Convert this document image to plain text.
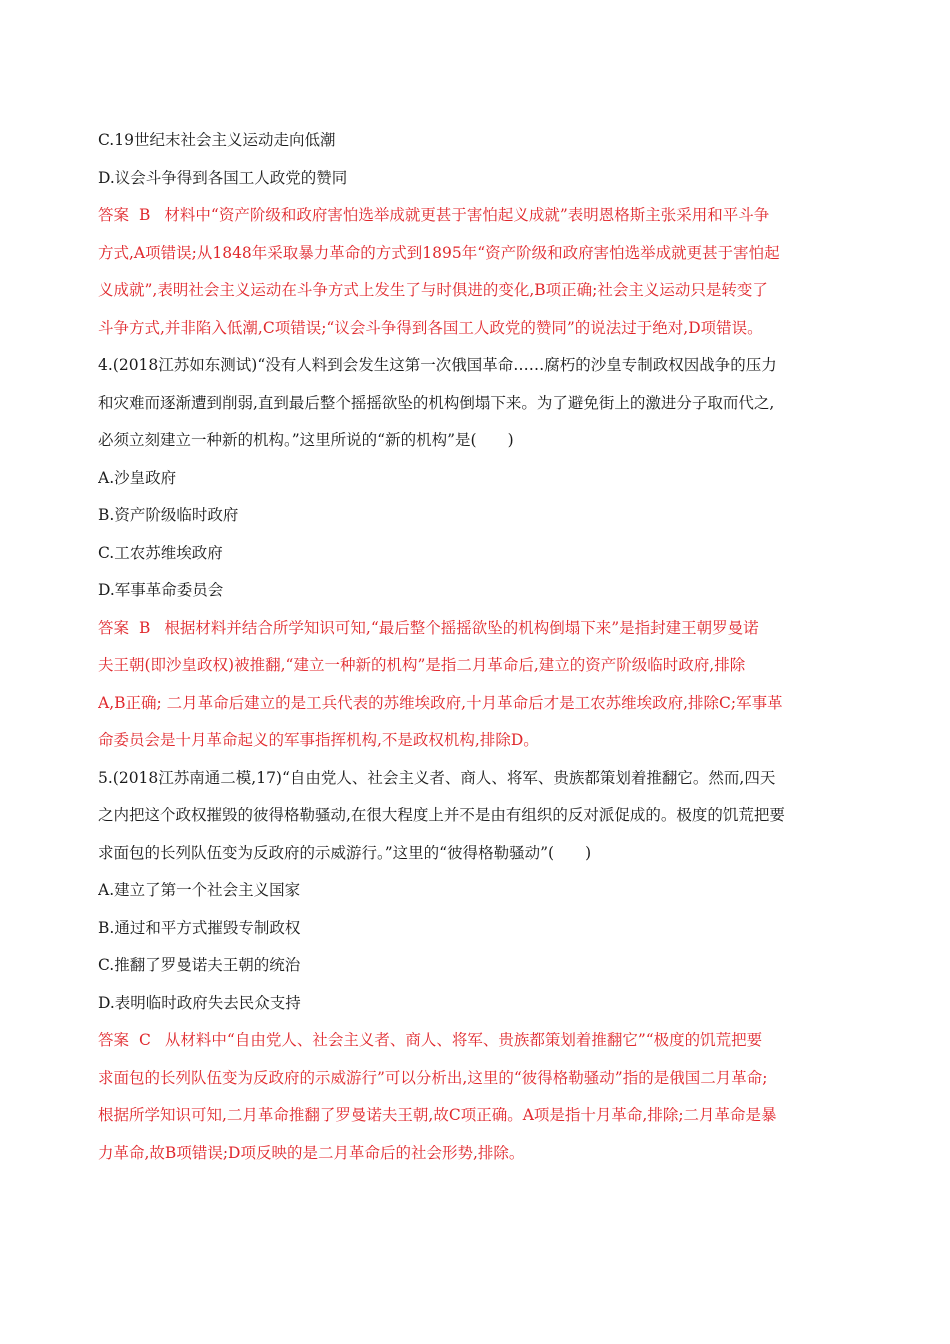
C.19世纪末社会主义运动走向低潮
D.议会斗争得到各国工人政党的赞同
答案 B 材料中“资产阶级和政府害怕选举成就更甚于害怕起义成就”表明恩格斯主张采用和平斗争
方式,A项错误;从1848年采取暴力革命的方式到1895年“资产阶级和政府害怕选举成就更甚于害怕起
义成就”,表明社会主义运动在斗争方式上发生了与时俱进的变化,B项正确;社会主义运动只是转变了
斗争方式,并非陷入低潮,C项错误;“议会斗争得到各国工人政党的赞同”的说法过于绝对,D项错误。
4.(2018江苏如东测试)“没有人料到会发生这第一次俄国革命……腐朽的沙皇专制政权因战争的压力
和灾难而逐渐遭到削弱,直到最后整个摇摇欲坠的机构倒塌下来。为了避免街上的激进分子取而代之,
必须立刻建立一种新的机构。”这里所说的“新的机构”是(　　)
A.沙皇政府
B.资产阶级临时政府
C.工农苏维埃政府
D.军事革命委员会
答案 B 根据材料并结合所学知识可知,“最后整个摇摇欲坠的机构倒塌下来”是指封建王朝罗曼诺
夫王朝(即沙皇政权)被推翻,“建立一种新的机构”是指二月革命后,建立的资产阶级临时政府,排除
A,B正确; 二月革命后建立的是工兵代表的苏维埃政府,十月革命后才是工农苏维埃政府,排除C;军事革
命委员会是十月革命起义的军事指挥机构,不是政权机构,排除D。
5.(2018江苏南通二模,17)“自由党人、社会主义者、商人、将军、贵族都策划着推翻它。然而,四天
之内把这个政权摧毁的彼得格勒骚动,在很大程度上并不是由有组织的反对派促成的。极度的饥荒把要
求面包的长列队伍变为反政府的示威游行。”这里的“彼得格勒骚动”(　　)
A.建立了第一个社会主义国家
B.通过和平方式摧毁专制政权
C.推翻了罗曼诺夫王朝的统治
D.表明临时政府失去民众支持
答案 C 从材料中“自由党人、社会主义者、商人、将军、贵族都策划着推翻它”“极度的饥荒把要
求面包的长列队伍变为反政府的示威游行”可以分析出,这里的“彼得格勒骚动”指的是俄国二月革命;
根据所学知识可知,二月革命推翻了罗曼诺夫王朝,故C项正确。A项是指十月革命,排除;二月革命是暴
力革命,故B项错误;D项反映的是二月革命后的社会形势,排除。
